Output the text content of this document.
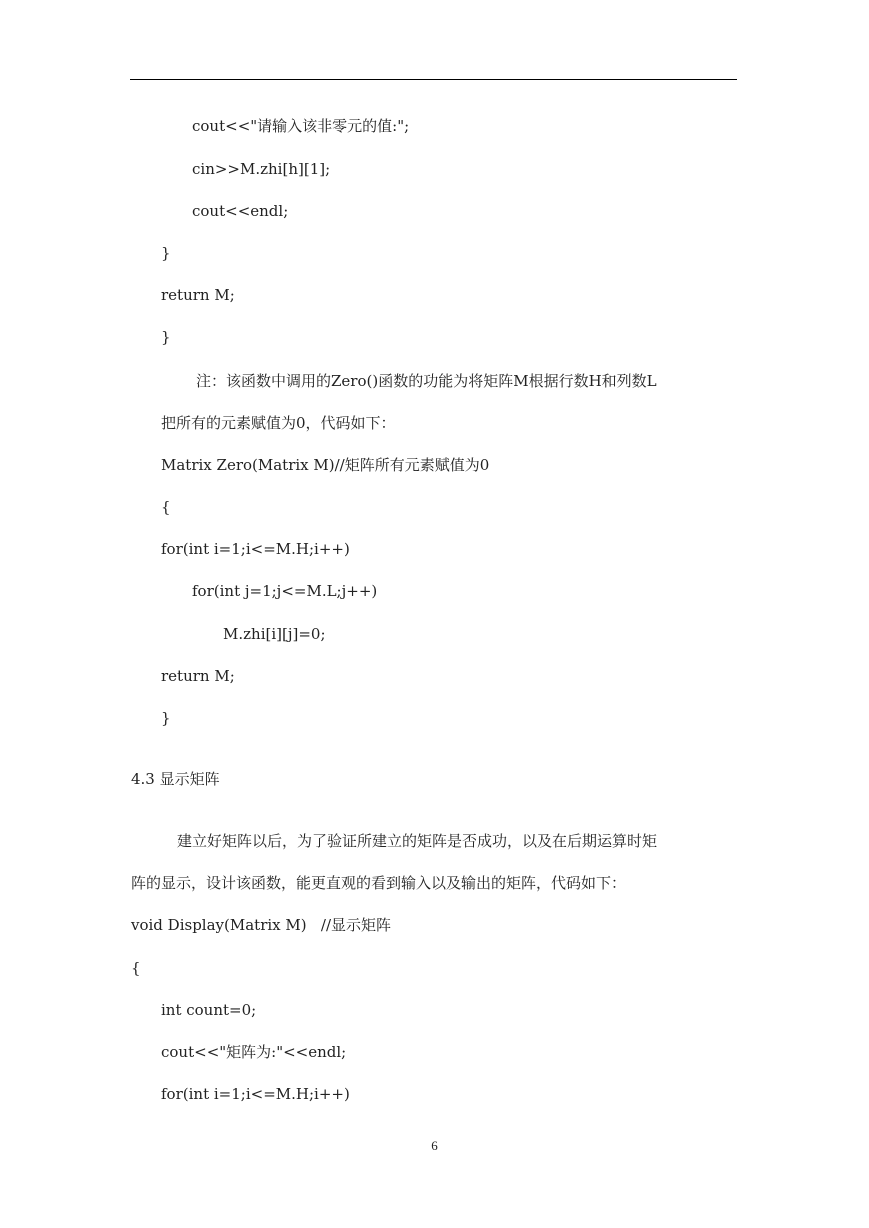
cout<<"请输入该非零元的值:";
cin>>M.zhi[h][1];
cout<<endl;
}
return M;
}
注：该函数中调用的Zero()函数的功能为将矩阵M根据行数H和列数L
把所有的元素赋值为0，代码如下：
Matrix Zero(Matrix M)//矩阵所有元素赋值为0
{
for(int i=1;i<=M.H;i++)
for(int j=1;j<=M.L;j++)
M.zhi[i][j]=0;
return M;
}
4.3 显示矩阵
建立好矩阵以后，为了验证所建立的矩阵是否成功，以及在后期运算时矩
阵的显示，设计该函数，能更直观的看到输入以及输出的矩阵，代码如下：
void Display(Matrix M)   //显示矩阵
{
int count=0;
cout<<"矩阵为:"<<endl;
for(int i=1;i<=M.H;i++)
6
